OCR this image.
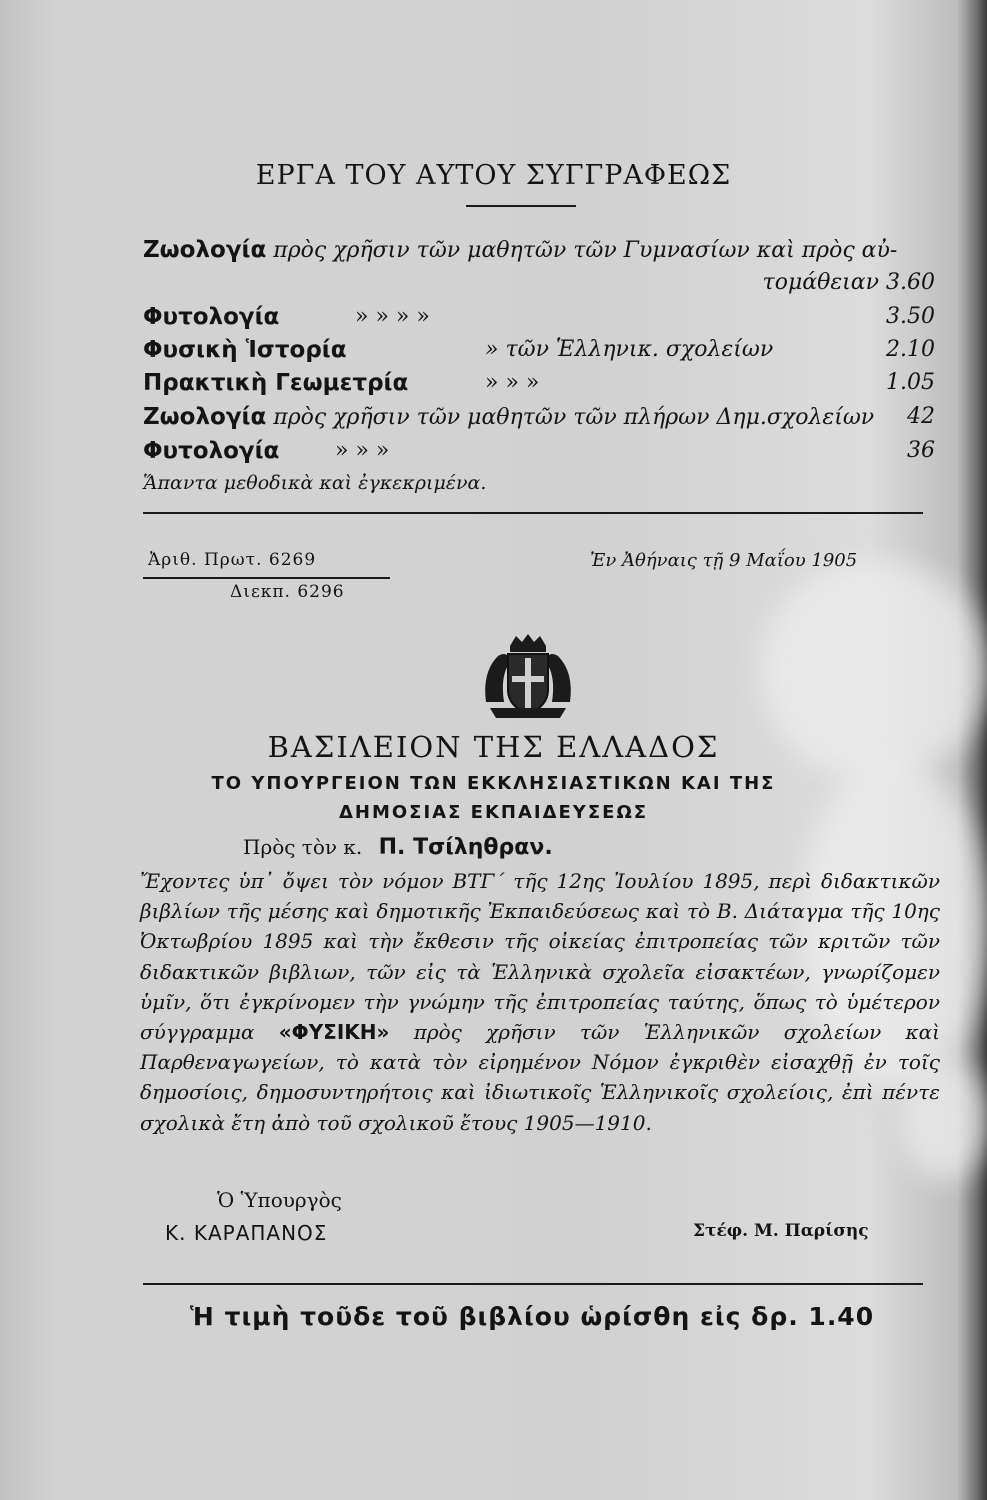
ΕΡΓΑ ΤΟΥ ΑΥΤΟΥ ΣΥΓΓΡΑΦΕΩΣ
Ζωολογία πρὸς χρῆσιν τῶν μαθητῶν τῶν Γυμνασίων καὶ πρὸς αὐ-
τομάθειαν 3.60
Φυτολογία	» » » »	3.50
Φυσικὴ Ἱστορία	» τῶν Ἑλληνικ. σχολείων	2.10
Πρακτικὴ Γεωμετρία	» » »	1.05
Ζωολογία πρὸς χρῆσιν τῶν μαθητῶν τῶν πλήρων Δημ.σχολείων	42
Φυτολογία	» » »	36
Ἅπαντα μεθοδικὰ καὶ ἐγκεκριμένα.
Ἀριθ. Πρωτ. 6269
Διεκπ. 6296
Ἐν Ἀθήναις τῇ 9 Μαΐου 1905
ΒΑΣΙΛΕΙΟΝ ΤΗΣ ΕΛΛΑΔΟΣ
ΤΟ ΥΠΟΥΡΓΕΙΟΝ ΤΩΝ ΕΚΚΛΗΣΙΑΣΤΙΚΩΝ ΚΑΙ ΤΗΣ
ΔΗΜΟΣΙΑΣ ΕΚΠΑΙΔΕΥΣΕΩΣ
Πρὸς τὸν κ. Π. Τσίληθραν.
Ἔχοντες ὑπ᾽ ὄψει τὸν νόμον ΒΤΓ΄ τῆς 12ης Ἰουλίου 1895, περὶ διδακτικῶν βιβλίων τῆς μέσης καὶ δημοτικῆς Ἐκπαιδεύσεως καὶ τὸ Β. Διάταγμα τῆς 10ης Ὀκτωβρίου 1895 καὶ τὴν ἔκθεσιν τῆς οἰκείας ἐπιτροπείας τῶν κριτῶν τῶν διδακτικῶν βιβλιων, τῶν εἰς τὰ Ἑλληνικὰ σχολεῖα εἰσακτέων, γνωρίζομεν ὑμῖν, ὅτι ἐγκρίνομεν τὴν γνώμην τῆς ἐπιτροπείας ταύτης, ὅπως τὸ ὑμέτερον σύγγραμμα «ΦΥΣΙΚΗ» πρὸς χρῆσιν τῶν Ἑλληνικῶν σχολείων καὶ Παρθεναγωγείων, τὸ κατὰ τὸν εἰρημένον Νόμον ἐγκριθὲν εἰσαχθῇ ἐν τοῖς δημοσίοις, δημοσυντηρήτοις καὶ ἰδιωτικοῖς Ἑλληνικοῖς σχολείοις, ἐπὶ πέντε σχολικὰ ἔτη ἀπὸ τοῦ σχολικοῦ ἔτους 1905—1910.
Ὁ Ὑπουργὸς
Κ. ΚΑΡΑΠΑΝΟΣ	Στέφ. Μ. Παρίσης
Ἡ τιμὴ τοῦδε τοῦ βιβλίου ὡρίσθη εἰς δρ. 1.40
